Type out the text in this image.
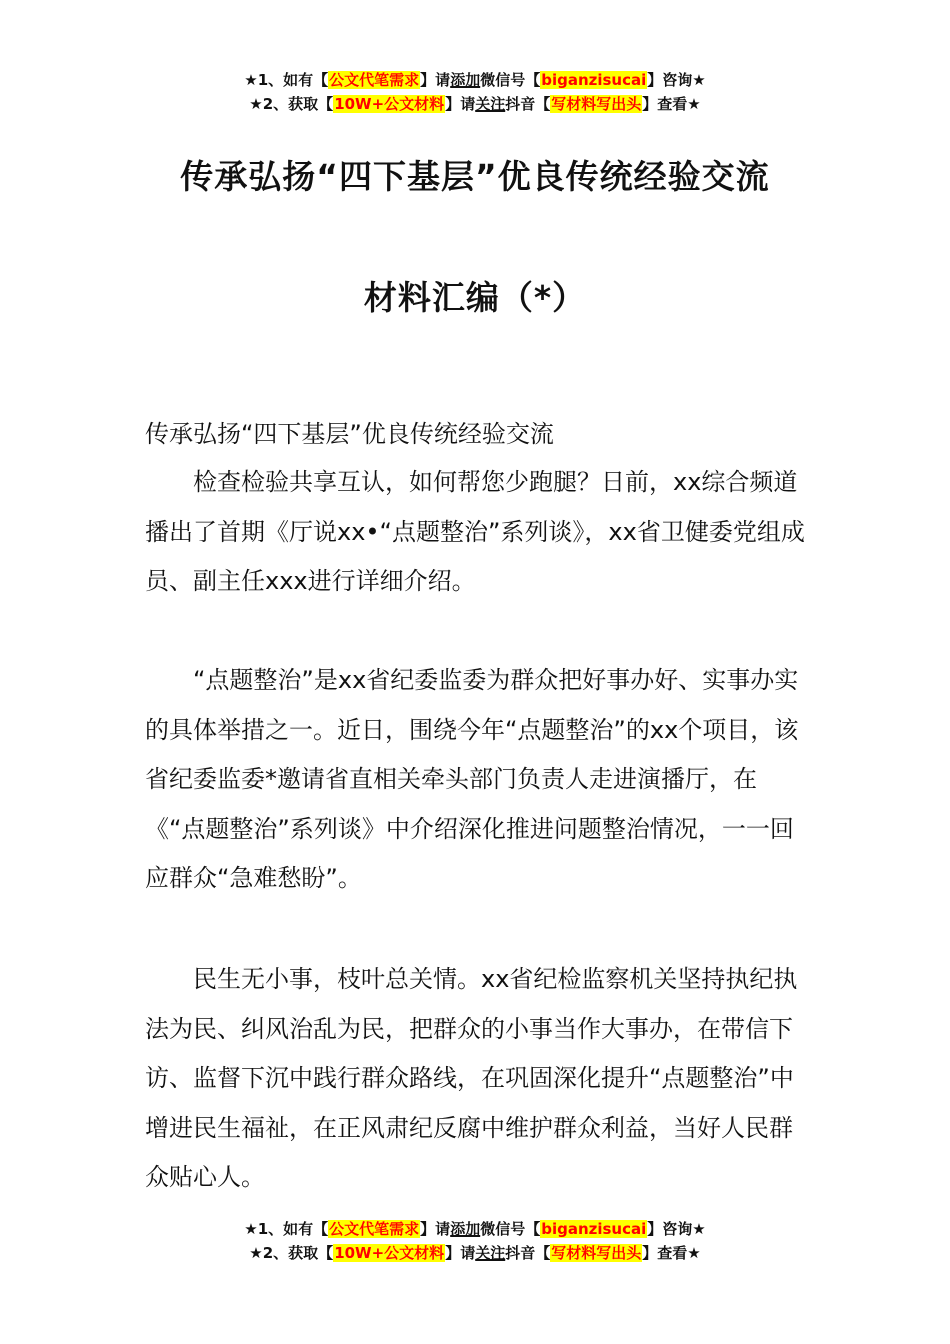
★1、如有【公文代笔需求】请添加微信号【biganzisucai】咨询★
★2、获取【10W+公文材料】请关注抖音【写材料写出头】查看★
传承弘扬“四下基层”优良传统经验交流
材料汇编（*）
传承弘扬“四下基层”优良传统经验交流
检查检验共享互认，如何帮您少跑腿？日前，xx综合频道播出了首期《厅说xx•“点题整治”系列谈》，xx省卫健委党组成员、副主任xxx进行详细介绍。
“点题整治”是xx省纪委监委为群众把好事办好、实事办实的具体举措之一。近日，围绕今年“点题整治”的xx个项目，该省纪委监委*邀请省直相关牵头部门负责人走进演播厅，在《“点题整治”系列谈》中介绍深化推进问题整治情况，一一回应群众“急难愁盼”。
民生无小事，枝叶总关情。xx省纪检监察机关坚持执纪执法为民、纠风治乱为民，把群众的小事当作大事办，在带信下访、监督下沉中践行群众路线，在巩固深化提升“点题整治”中增进民生福祉，在正风肃纪反腐中维护群众利益，当好人民群众贴心人。
★1、如有【公文代笔需求】请添加微信号【biganzisucai】咨询★
★2、获取【10W+公文材料】请关注抖音【写材料写出头】查看★
